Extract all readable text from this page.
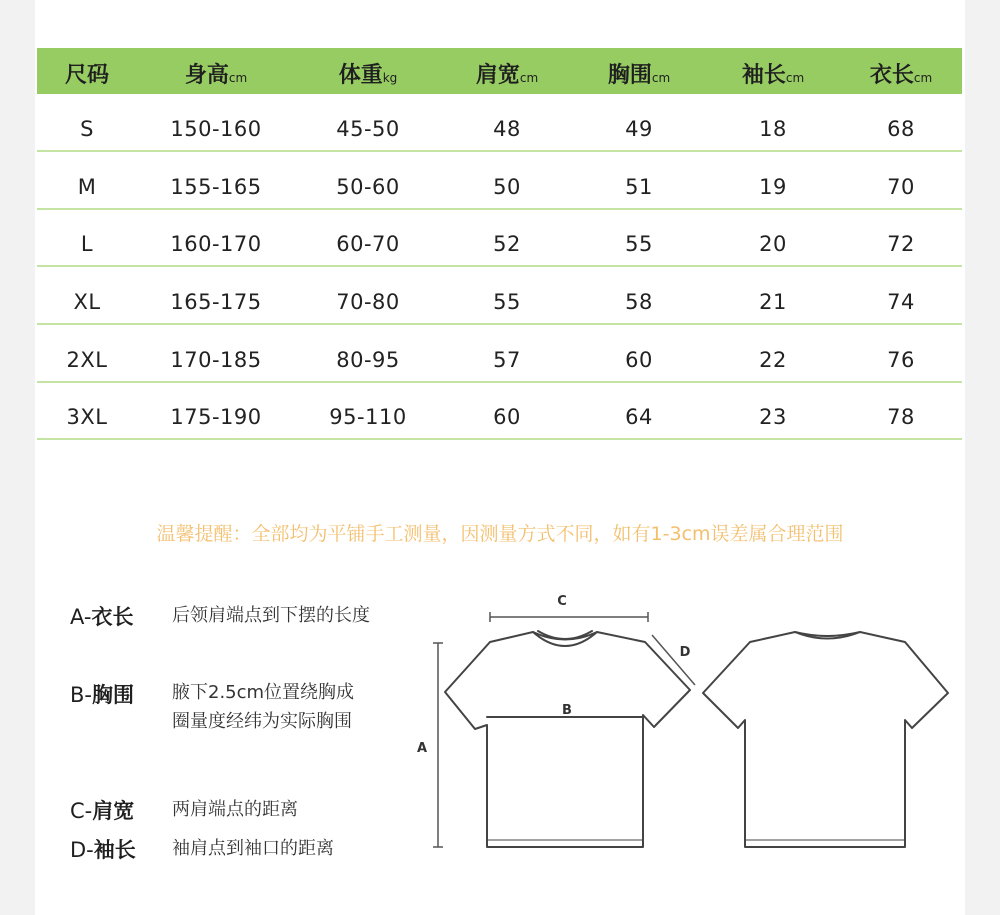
尺码	身高cm	体重kg	肩宽cm	胸围cm	袖长cm	衣长cm
S	150-160	45-50	48	49	18	68
M	155-165	50-60	50	51	19	70
L	160-170	60-70	52	55	20	72
XL	165-175	70-80	55	58	21	74
2XL	170-185	80-95	57	60	22	76
3XL	175-190	95-110	60	64	23	78
温馨提醒：全部均为平铺手工测量，因测量方式不同，如有1-3cm误差属合理范围
A-衣长 后领肩端点到下摆的长度
B-胸围 腋下2.5cm位置绕胸成圈量度经纬为实际胸围
C-肩宽 两肩端点的距离
D-袖长 袖肩点到袖口的距离
C
D
B
A
